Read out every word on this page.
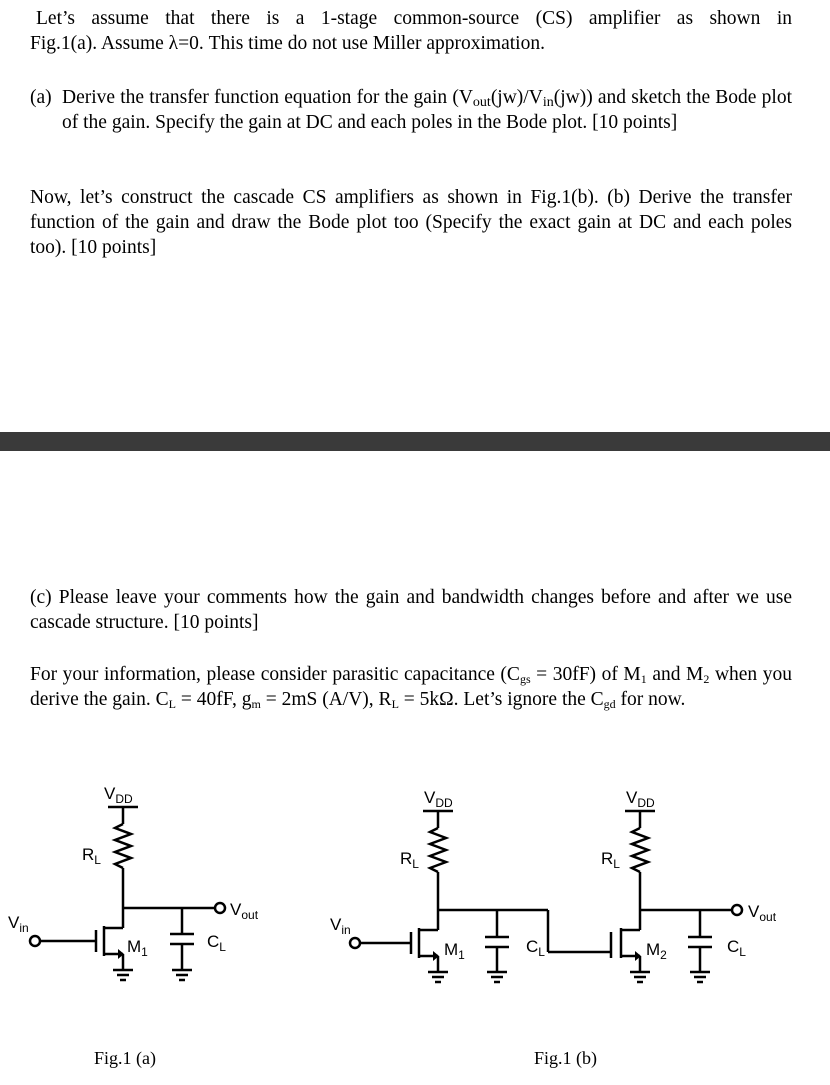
Let’s assume that there is a 1-stage common-source (CS) amplifier as shown in
Fig.1(a). Assume λ=0. This time do not use Miller approximation.
(a) Derive the transfer function equation for the gain $(V_{out}(jw)/V_{in}(jw))$ and sketch the Bode plot of the gain. Specify the gain at DC and each poles in the Bode plot. [10 points]

Now, let’s construct the cascade CS amplifiers as shown in Fig.1(b). (b) Derive the transfer function of the gain and draw the Bode plot too (Specify the exact gain at DC and each poles too). [10 points]

(c) Please leave your comments how the gain and bandwidth changes before and after we use cascade structure. [10 points]

For your information, please consider parasitic capacitance $(C_{gs} = 30fF)$ of $M_1$ and $M_2$ when you derive the gain. $C_L = 40fF$, $g_m = 2mS$ (A/V), $R_L = 5k\Omega$. Let’s ignore the $C_{gd}$ for now.

$V_{DD}$
$R_L$
$V_{out}$
$V_{in}$
$M_1$
$C_L$
$V_{DD}$
$R_L$
$V_{in}$
$M_1$	$C_L$
$V_{DD}$
$R_L$
$V_{out}$
$M_2$	$C_L$
Fig.1 (a)	Fig.1 (b)
